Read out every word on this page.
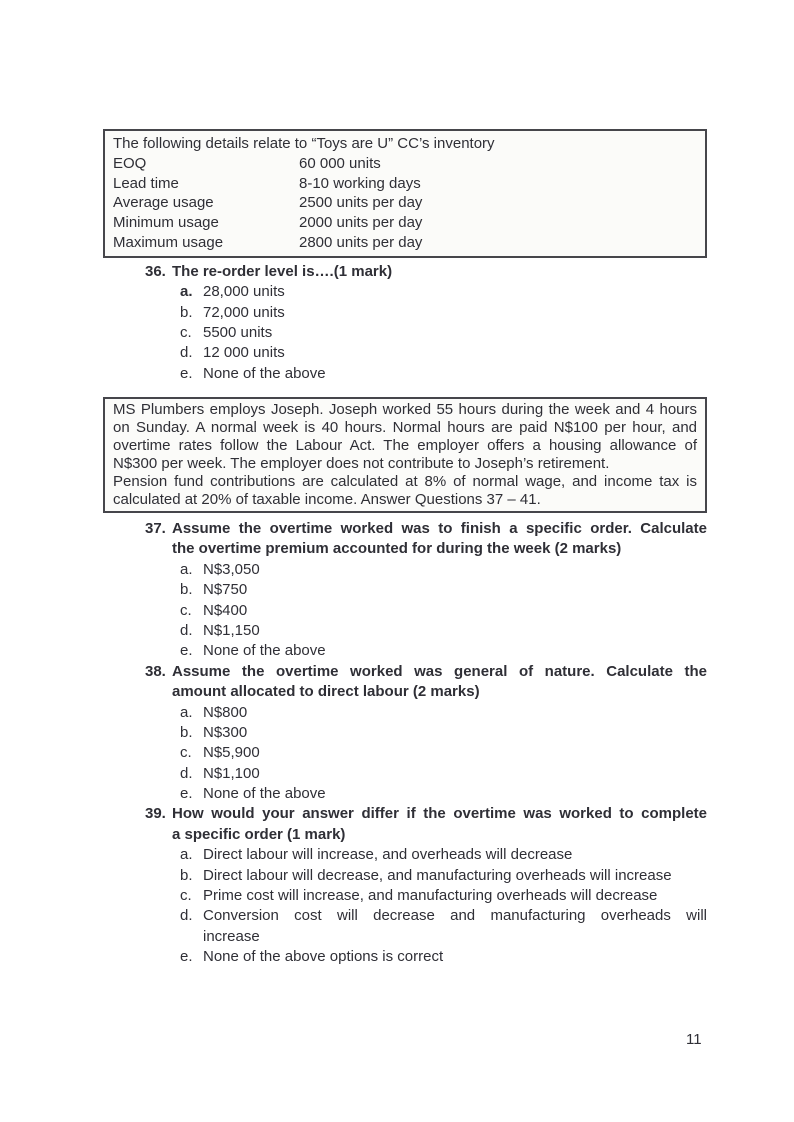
The following details relate to “Toys are U” CC’s inventory
EOQ	60 000 units
Lead time	8-10 working days
Average usage	2500 units per day
Minimum usage	2000 units per day
Maximum usage	2800 units per day
36. The re-order level is….(1 mark)
a. 28,000 units
b. 72,000 units
c. 5500 units
d. 12 000 units
e. None of the above
MS Plumbers employs Joseph. Joseph worked 55 hours during the week and 4 hours
on Sunday. A normal week is 40 hours. Normal hours are paid N$100 per hour, and
overtime rates follow the Labour Act. The employer offers a housing allowance of
N$300 per week. The employer does not contribute to Joseph’s retirement.
Pension fund contributions are calculated at 8% of normal wage, and income tax is
calculated at 20% of taxable income. Answer Questions 37 – 41.
37. Assume the overtime worked was to finish a specific order. Calculate
the overtime premium accounted for during the week (2 marks)
a. N$3,050
b. N$750
c. N$400
d. N$1,150
e. None of the above
38. Assume the overtime worked was general of nature. Calculate the
amount allocated to direct labour (2 marks)
a. N$800
b. N$300
c. N$5,900
d. N$1,100
e. None of the above
39. How would your answer differ if the overtime was worked to complete
a specific order (1 mark)
a. Direct labour will increase, and overheads will decrease
b. Direct labour will decrease, and manufacturing overheads will increase
c. Prime cost will increase, and manufacturing overheads will decrease
d. Conversion cost will decrease and manufacturing overheads will
increase
e. None of the above options is correct
11
